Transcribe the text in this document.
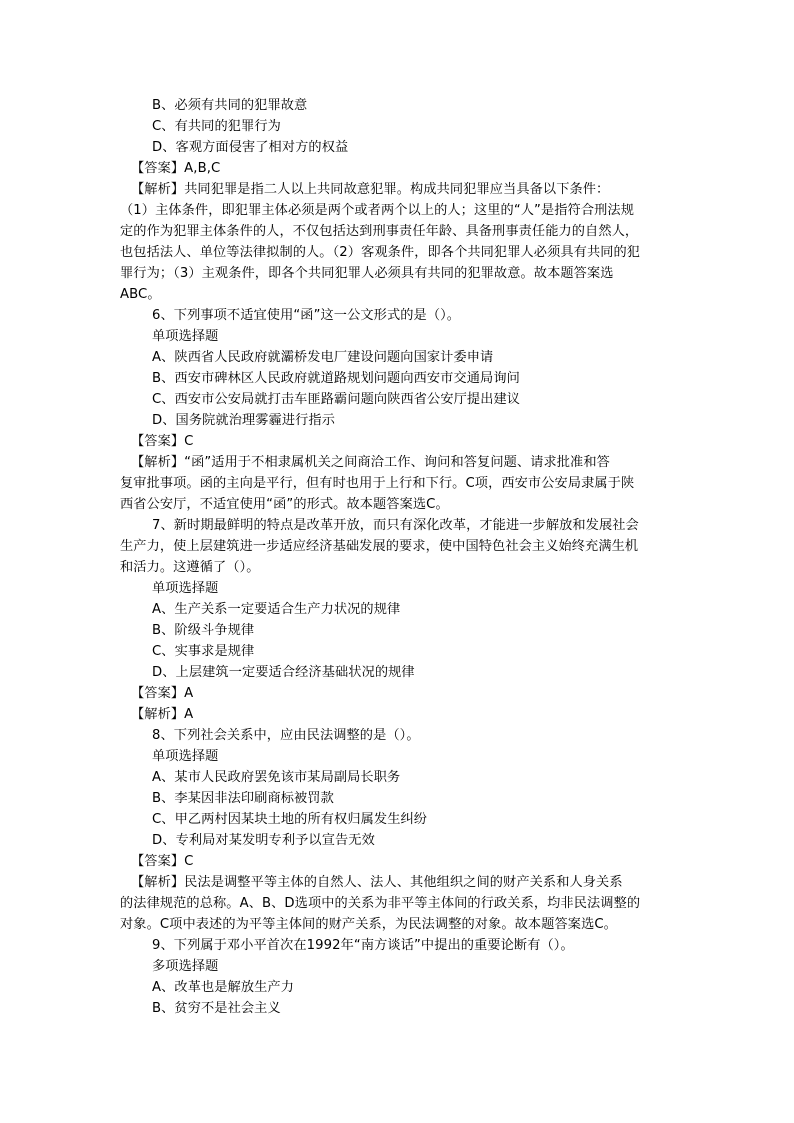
B、必须有共同的犯罪故意
C、有共同的犯罪行为
D、客观方面侵害了相对方的权益
【答案】A,B,C
【解析】共同犯罪是指二人以上共同故意犯罪。构成共同犯罪应当具备以下条件：
（1）主体条件，即犯罪主体必须是两个或者两个以上的人；这里的“人”是指符合刑法规
定的作为犯罪主体条件的人，不仅包括达到刑事责任年龄、具备刑事责任能力的自然人，
也包括法人、单位等法律拟制的人。（2）客观条件，即各个共同犯罪人必须具有共同的犯
罪行为；（3）主观条件，即各个共同犯罪人必须具有共同的犯罪故意。故本题答案选
ABC。
6、下列事项不适宜使用“函”这一公文形式的是（）。
单项选择题
A、陕西省人民政府就灞桥发电厂建设问题向国家计委申请
B、西安市碑林区人民政府就道路规划问题向西安市交通局询问
C、西安市公安局就打击车匪路霸问题向陕西省公安厅提出建议
D、国务院就治理雾霾进行指示
【答案】C
【解析】“函”适用于不相隶属机关之间商洽工作、询问和答复问题、请求批准和答
复审批事项。函的主向是平行，但有时也用于上行和下行。C项，西安市公安局隶属于陕
西省公安厅，不适宜使用“函”的形式。故本题答案选C。
7、新时期最鲜明的特点是改革开放，而只有深化改革，才能进一步解放和发展社会
生产力，使上层建筑进一步适应经济基础发展的要求，使中国特色社会主义始终充满生机
和活力。这遵循了（）。
单项选择题
A、生产关系一定要适合生产力状况的规律
B、阶级斗争规律
C、实事求是规律
D、上层建筑一定要适合经济基础状况的规律
【答案】A
【解析】A
8、下列社会关系中，应由民法调整的是（）。
单项选择题
A、某市人民政府罢免该市某局副局长职务
B、李某因非法印刷商标被罚款
C、甲乙两村因某块土地的所有权归属发生纠纷
D、专利局对某发明专利予以宣告无效
【答案】C
【解析】民法是调整平等主体的自然人、法人、其他组织之间的财产关系和人身关系
的法律规范的总称。A、B、D选项中的关系为非平等主体间的行政关系，均非民法调整的
对象。C项中表述的为平等主体间的财产关系，为民法调整的对象。故本题答案选C。
9、下列属于邓小平首次在1992年“南方谈话”中提出的重要论断有（）。
多项选择题
A、改革也是解放生产力
B、贫穷不是社会主义
